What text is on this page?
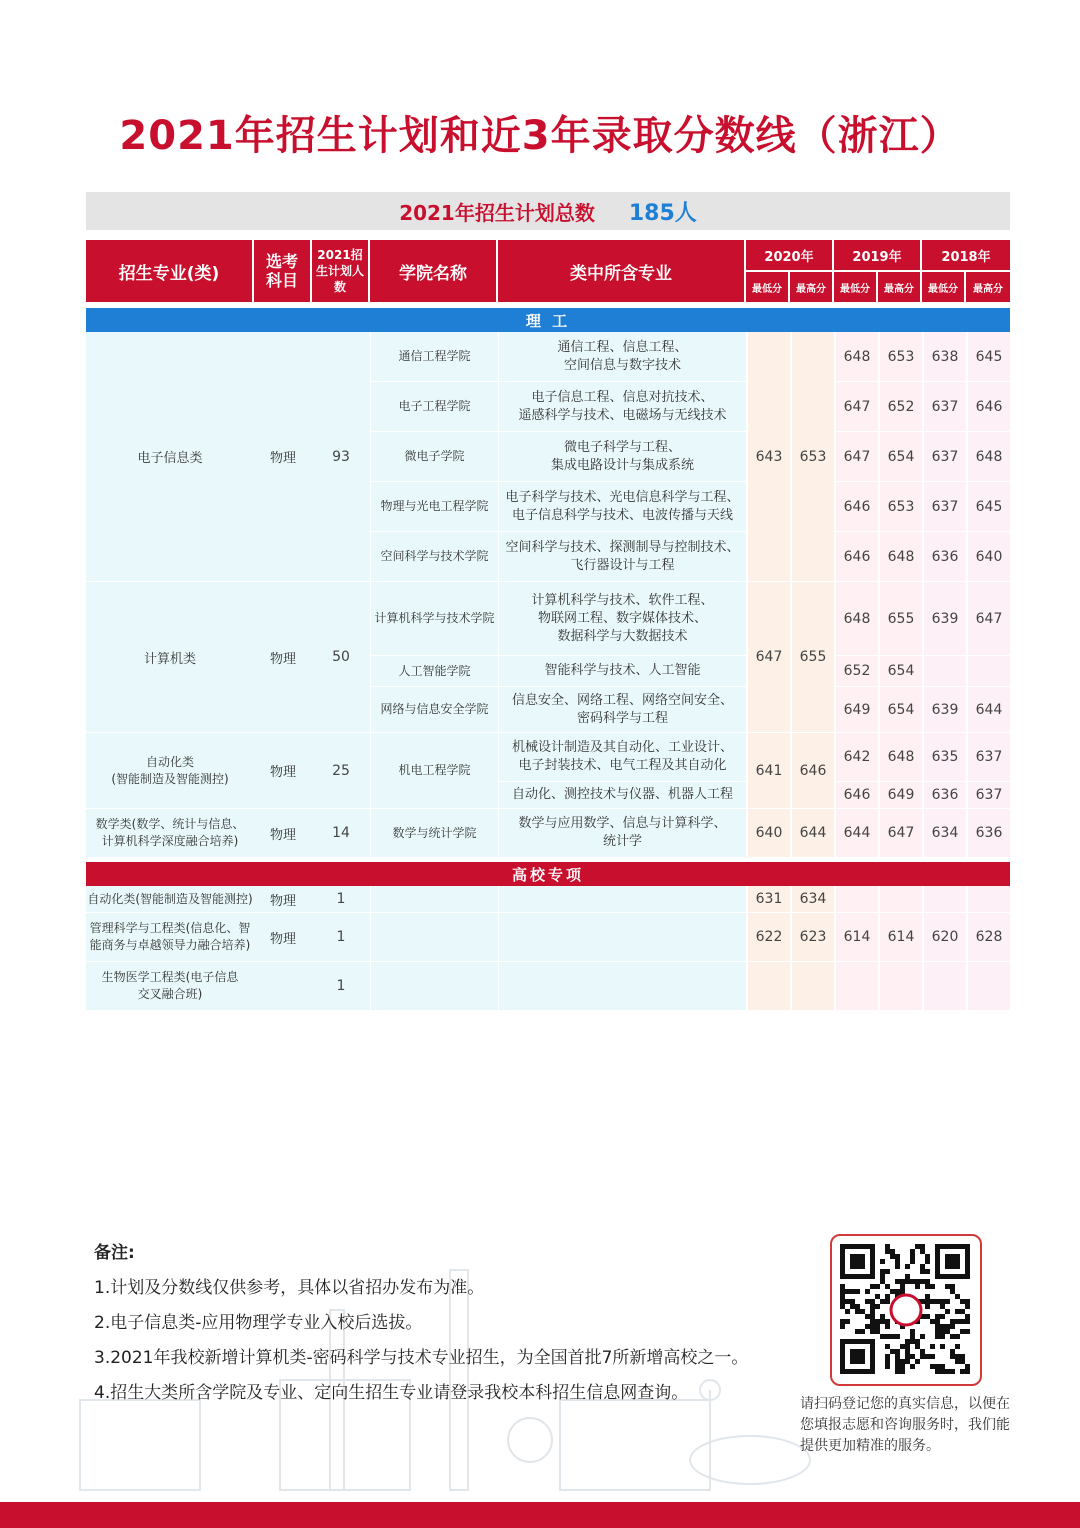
2021年招生计划和近3年录取分数线（浙江）
2021年招生计划总数 185人
招生专业(类)	选考科目	2021招生计划人数	学院名称	类中所含专业	2020年		2019年		2018年	
					最低分	最高分	最低分	最高分	最低分	最高分

理 工										
电子信息类	物理	93	通信工程学院	通信工程、信息工程、
空间信息与数字技术	643	653	648	653	638	645
			电子工程学院	电子信息工程、信息对抗技术、
遥感科学与技术、电磁场与无线技术			647	652	637	646
			微电子学院	微电子科学与工程、
集成电路设计与集成系统			647	654	637	648
			物理与光电工程学院	电子科学与技术、光电信息科学与工程、
电子信息科学与技术、电波传播与天线			646	653	637	645
			空间科学与技术学院	空间科学与技术、探测制导与控制技术、
飞行器设计与工程			646	648	636	640
计算机类	物理	50	计算机科学与技术学院	计算机科学与技术、软件工程、
物联网工程、数字媒体技术、
数据科学与大数据技术	647	655	648	655	639	647
			人工智能学院	智能科学与技术、人工智能			652	654		
			网络与信息安全学院	信息安全、网络工程、网络空间安全、
密码科学与工程			649	654	639	644
自动化类
(智能制造及智能测控)	物理	25	机电工程学院	机械设计制造及其自动化、工业设计、
电子封装技术、电气工程及其自动化	641	646	642	648	635	637
				自动化、测控技术与仪器、机器人工程			646	649	636	637
数学类(数学、统计与信息、
计算机科学深度融合培养)	物理	14	数学与统计学院	数学与应用数学、信息与计算科学、
统计学	640	644	644	647	634	636

高校专项										
自动化类(智能制造及智能测控)	物理	1			631	634				
管理科学与工程类(信息化、智
能商务与卓越领导力融合培养)	物理	1			622	623	614	614	620	628
生物医学工程类(电子信息
交叉融合班)		1								
备注:
1.计划及分数线仅供参考，具体以省招办发布为准。
2.电子信息类-应用物理学专业入校后选拔。
3.2021年我校新增计算机类-密码科学与技术专业招生，为全国首批7所新增高校之一。
4.招生大类所含学院及专业、定向生招生专业请登录我校本科招生信息网查询。
请扫码登记您的真实信息，以便在您填报志愿和咨询服务时，我们能提供更加精准的服务。
